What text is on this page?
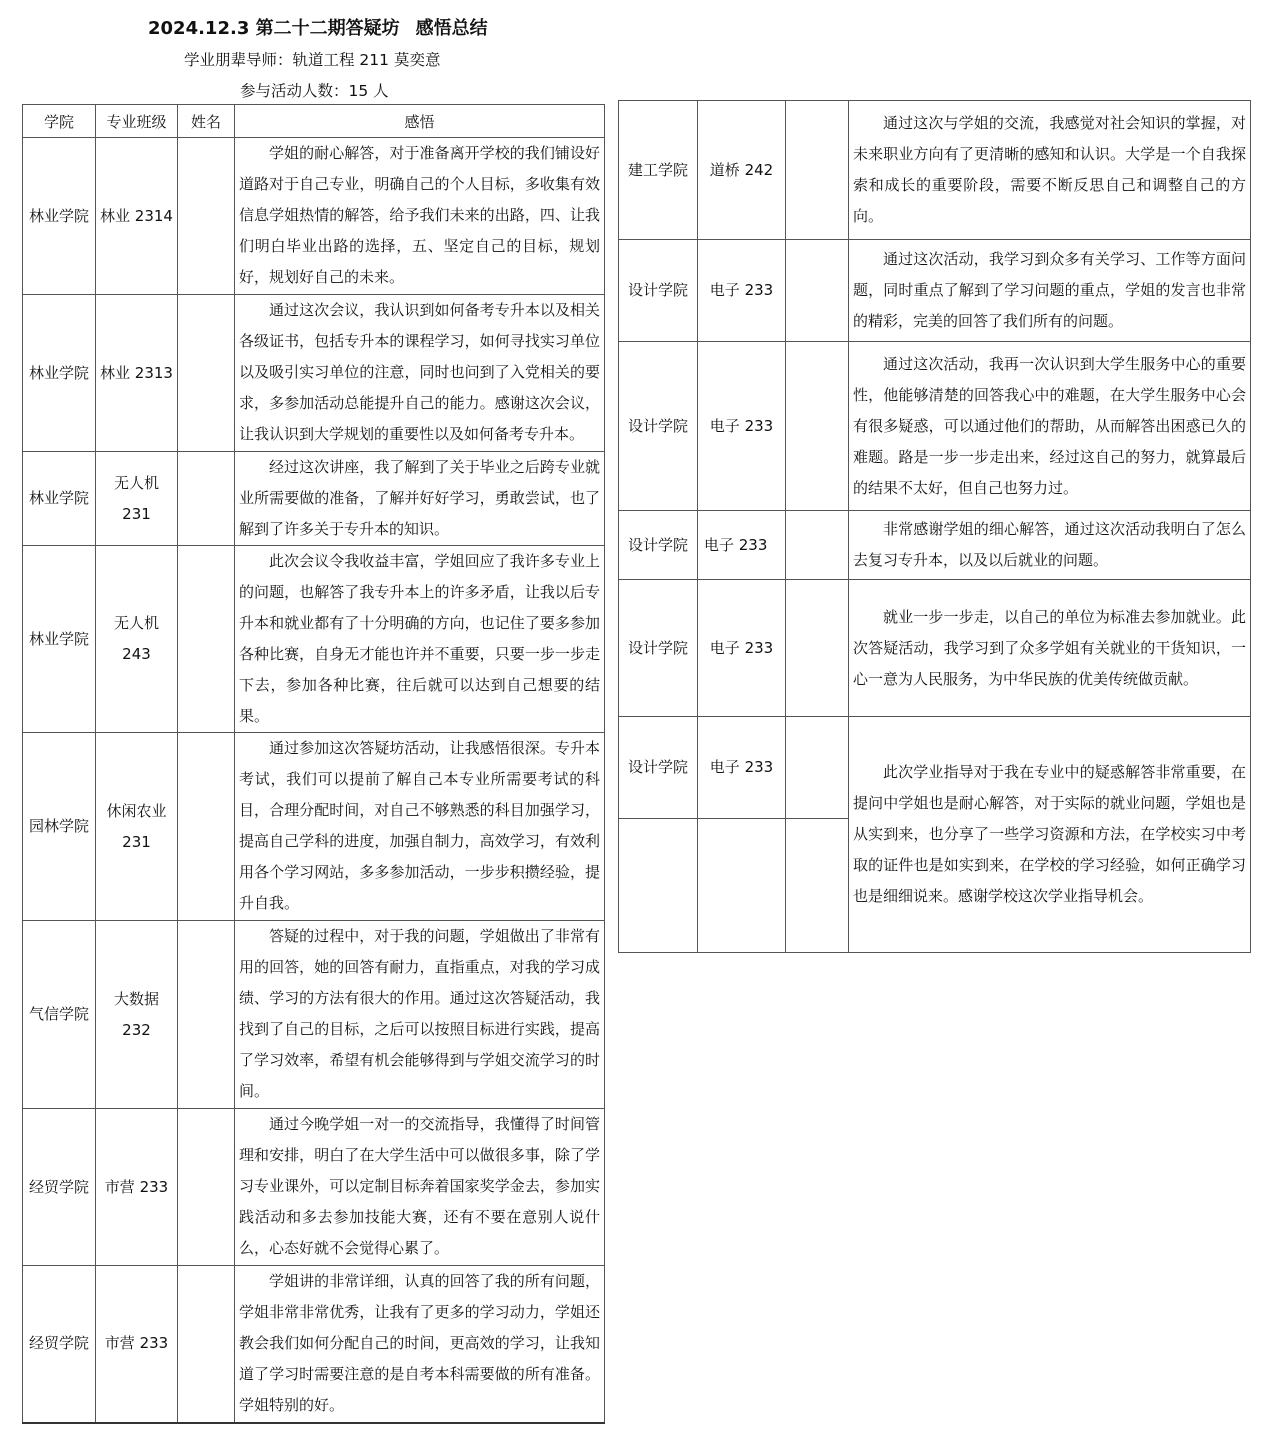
2024.12.3 第二十二期答疑坊 感悟总结
学业朋辈导师：轨道工程 211 莫奕意
参与活动人数：15 人
学院	专业班级	姓名	感悟
林业学院	林业 2314		学姐的耐心解答，对于准备离开学校的我们铺设好道路对于自己专业，明确自己的个人目标，多收集有效信息学姐热情的解答，给予我们未来的出路，四、让我们明白毕业出路的选择，五、坚定自己的目标，规划好，规划好自己的未来。
林业学院	林业 2313		通过这次会议，我认识到如何备考专升本以及相关各级证书，包括专升本的课程学习，如何寻找实习单位以及吸引实习单位的注意，同时也问到了入党相关的要求，多参加活动总能提升自己的能力。感谢这次会议，让我认识到大学规划的重要性以及如何备考专升本。
林业学院	无人机 231		经过这次讲座，我了解到了关于毕业之后跨专业就业所需要做的准备，了解并好好学习，勇敢尝试，也了解到了许多关于专升本的知识。
林业学院	无人机 243		此次会议令我收益丰富，学姐回应了我许多专业上的问题，也解答了我专升本上的许多矛盾，让我以后专升本和就业都有了十分明确的方向，也记住了要多参加各种比赛，自身无才能也许并不重要，只要一步一步走下去，参加各种比赛，往后就可以达到自己想要的结果。
园林学院	休闲农业 231		通过参加这次答疑坊活动，让我感悟很深。专升本考试，我们可以提前了解自己本专业所需要考试的科目，合理分配时间，对自己不够熟悉的科目加强学习，提高自己学科的进度，加强自制力，高效学习，有效利用各个学习网站，多多参加活动，一步步积攒经验，提升自我。
气信学院	大数据 232		答疑的过程中，对于我的问题，学姐做出了非常有用的回答，她的回答有耐力，直指重点，对我的学习成绩、学习的方法有很大的作用。通过这次答疑活动，我找到了自己的目标，之后可以按照目标进行实践，提高了学习效率，希望有机会能够得到与学姐交流学习的时间。
经贸学院	市营 233		通过今晚学姐一对一的交流指导，我懂得了时间管理和安排，明白了在大学生活中可以做很多事，除了学习专业课外，可以定制目标奔着国家奖学金去，参加实践活动和多去参加技能大赛，还有不要在意别人说什么，心态好就不会觉得心累了。
经贸学院	市营 233		学姐讲的非常详细，认真的回答了我的所有问题，学姐非常非常优秀，让我有了更多的学习动力，学姐还教会我们如何分配自己的时间，更高效的学习，让我知道了学习时需要注意的是自考本科需要做的所有准备。学姐特别的好。
建工学院	道桥 242		通过这次与学姐的交流，我感觉对社会知识的掌握，对未来职业方向有了更清晰的感知和认识。大学是一个自我探索和成长的重要阶段，需要不断反思自己和调整自己的方向。
设计学院	电子 233		通过这次活动，我学习到众多有关学习、工作等方面问题，同时重点了解到了学习问题的重点，学姐的发言也非常的精彩，完美的回答了我们所有的问题。
设计学院	电子 233		通过这次活动，我再一次认识到大学生服务中心的重要性，他能够清楚的回答我心中的难题，在大学生服务中心会有很多疑惑，可以通过他们的帮助，从而解答出困惑已久的难题。路是一步一步走出来，经过这自己的努力，就算最后的结果不太好，但自己也努力过。
设计学院	电子 233		非常感谢学姐的细心解答，通过这次活动我明白了怎么去复习专升本，以及以后就业的问题。
设计学院	电子 233		就业一步一步走，以自己的单位为标准去参加就业。此次答疑活动，我学习到了众多学姐有关就业的干货知识，一心一意为人民服务，为中华民族的优美传统做贡献。
设计学院	电子 233		此次学业指导对于我在专业中的疑惑解答非常重要，在提问中学姐也是耐心解答，对于实际的就业问题，学姐也是从实到来，也分享了一些学习资源和方法，在学校实习中考取的证件也是如实到来，在学校的学习经验，如何正确学习也是细细说来。感谢学校这次学业指导机会。
